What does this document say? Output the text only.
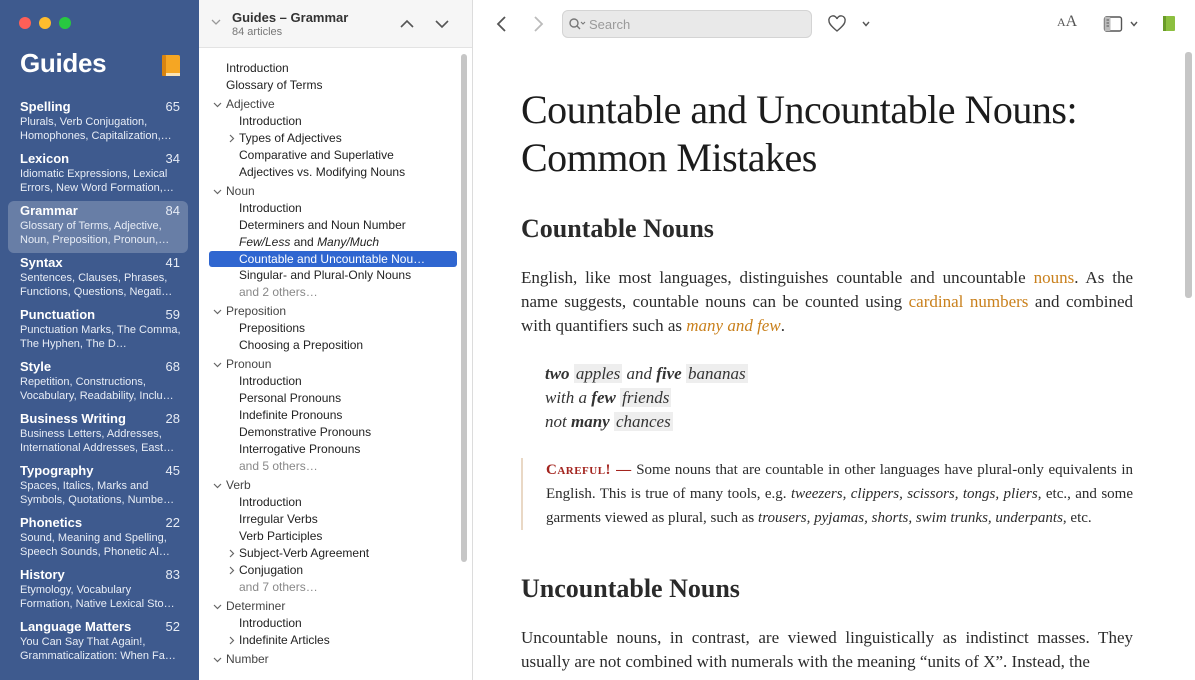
Guides
Spelling	65
Plurals, Verb Conjugation, Homophones, Capitalization,…
Lexicon	34
Idiomatic Expressions, Lexical Errors, New Word Formation,…
Grammar	84
Glossary of Terms, Adjective, Noun, Preposition, Pronoun,…
Syntax	41
Sentences, Clauses, Phrases, Functions, Questions, Negati…
Punctuation	59
Punctuation Marks, The Comma, The Hyphen, The D…
Style	68
Repetition, Constructions, Vocabulary, Readability, Inclu…
Business Writing	28
Business Letters, Addresses, International Addresses, East…
Typography	45
Spaces, Italics, Marks and Symbols, Quotations, Numbe…
Phonetics	22
Sound, Meaning and Spelling, Speech Sounds, Phonetic Al…
History	83
Etymology, Vocabulary Formation, Native Lexical Sto…
Language Matters	52
You Can Say That Again!, Grammaticalization: When Fa…
Guides – Grammar
84 articles
Introduction
Glossary of Terms
Adjective
Introduction
Types of Adjectives
Comparative and Superlative
Adjectives vs. Modifying Nouns
Noun
Introduction
Determiners and Noun Number
Few/Less and Many/Much
Countable and Uncountable Nou…
Singular- and Plural-Only Nouns
and 2 others…
Preposition
Prepositions
Choosing a Preposition
Pronoun
Introduction
Personal Pronouns
Indefinite Pronouns
Demonstrative Pronouns
Interrogative Pronouns
and 5 others…
Verb
Introduction
Irregular Verbs
Verb Participles
Subject-Verb Agreement
Conjugation
and 7 others…
Determiner
Introduction
Indefinite Articles
Number
Search
AA
Countable and Uncountable Nouns: Common Mistakes
Countable Nouns

English, like most languages, distinguishes countable and uncountable nouns. As the name suggests, countable nouns can be counted using cardinal numbers and combined with quantifiers such as many and few.

two apples and five bananas
with a few friends
not many chances
Careful! — Some nouns that are countable in other languages have plural-only equivalents in English. This is true of many tools, e.g. tweezers, clippers, scissors, tongs, pliers, etc., and some garments viewed as plural, such as trousers, pyjamas, shorts, swim trunks, underpants, etc.
Uncountable Nouns

Uncountable nouns, in contrast, are viewed linguistically as indistinct masses. They usually are not combined with numerals with the meaning “units of X”. Instead, the
